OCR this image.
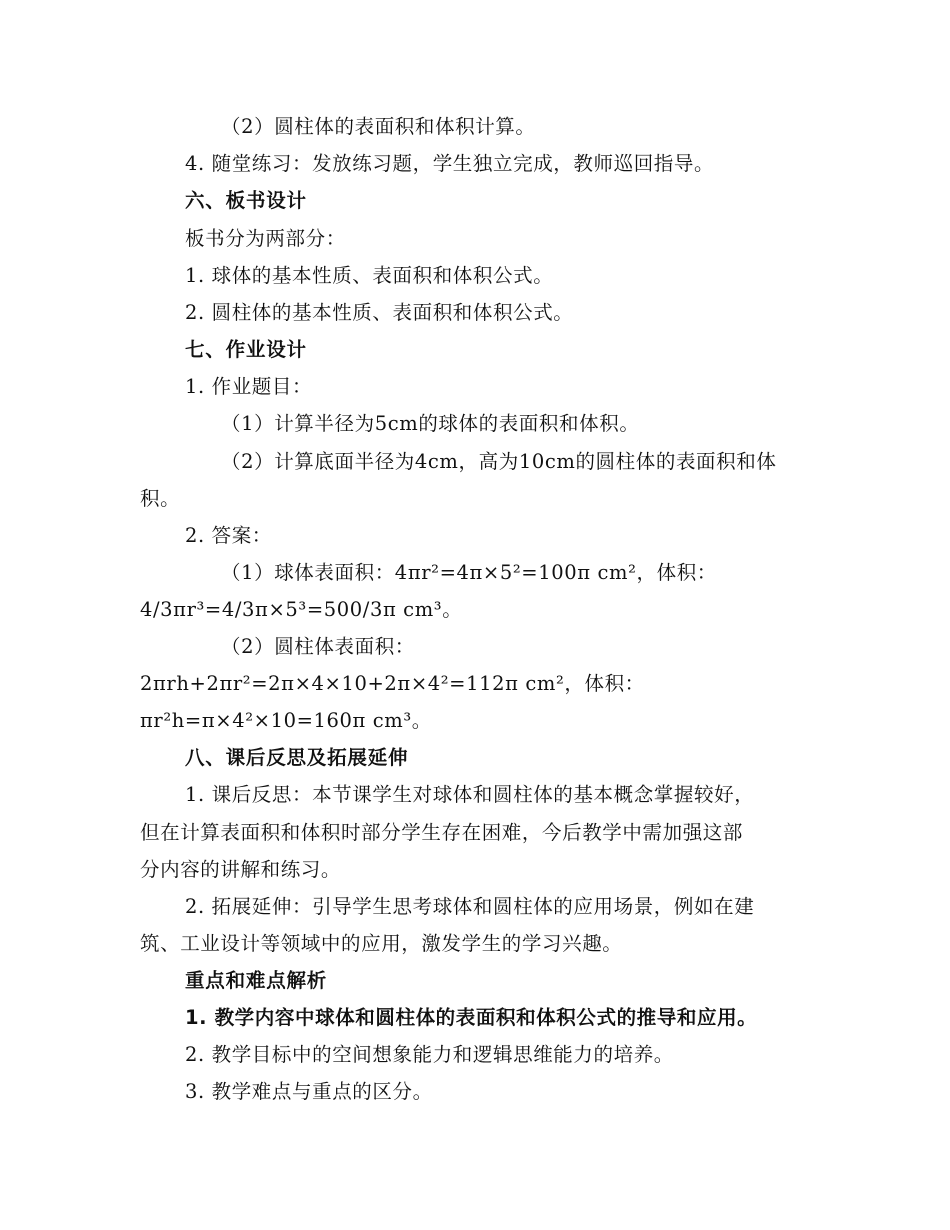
（2）圆柱体的表面积和体积计算。
4. 随堂练习：发放练习题，学生独立完成，教师巡回指导。
六、板书设计
板书分为两部分：
1. 球体的基本性质、表面积和体积公式。
2. 圆柱体的基本性质、表面积和体积公式。
七、作业设计
1. 作业题目：
（1）计算半径为5cm的球体的表面积和体积。
（2）计算底面半径为4cm，高为10cm的圆柱体的表面积和体
积。
2. 答案：
（1）球体表面积：4πr²=4π×5²=100π cm²，体积：
4/3πr³=4/3π×5³=500/3π cm³。
（2）圆柱体表面积：
2πrh+2πr²=2π×4×10+2π×4²=112π cm²，体积：
πr²h=π×4²×10=160π cm³。
八、课后反思及拓展延伸
1. 课后反思：本节课学生对球体和圆柱体的基本概念掌握较好，
但在计算表面积和体积时部分学生存在困难，今后教学中需加强这部
分内容的讲解和练习。
2. 拓展延伸：引导学生思考球体和圆柱体的应用场景，例如在建
筑、工业设计等领域中的应用，激发学生的学习兴趣。
重点和难点解析
1. 教学内容中球体和圆柱体的表面积和体积公式的推导和应用。
2. 教学目标中的空间想象能力和逻辑思维能力的培养。
3. 教学难点与重点的区分。
